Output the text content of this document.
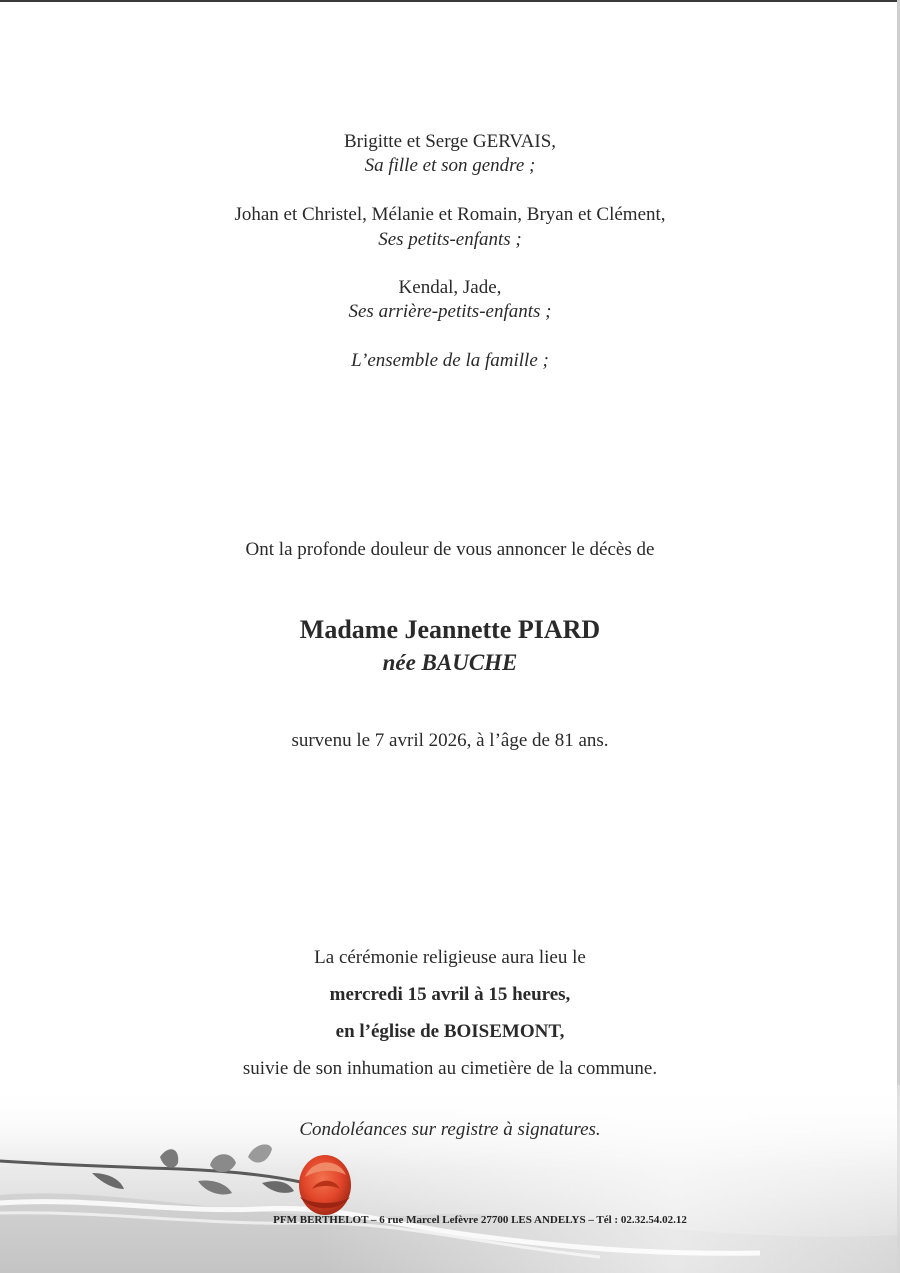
Brigitte et Serge GERVAIS,
Sa fille et son gendre ;
Johan et Christel, Mélanie et Romain, Bryan et Clément,
Ses petits-enfants ;
Kendal, Jade,
Ses arrière-petits-enfants ;
L’ensemble de la famille ;
Ont la profonde douleur de vous annoncer le décès de
Madame Jeannette PIARD
née BAUCHE
survenu le 7 avril 2026, à l’âge de 81 ans.
La cérémonie religieuse aura lieu le
mercredi 15 avril à 15 heures,
en l’église de BOISEMONT,
suivie de son inhumation au cimetière de la commune.
Condoléances sur registre à signatures.
PFM BERTHELOT – 6 rue Marcel Lefèvre 27700 LES ANDELYS – Tél : 02.32.54.02.12
